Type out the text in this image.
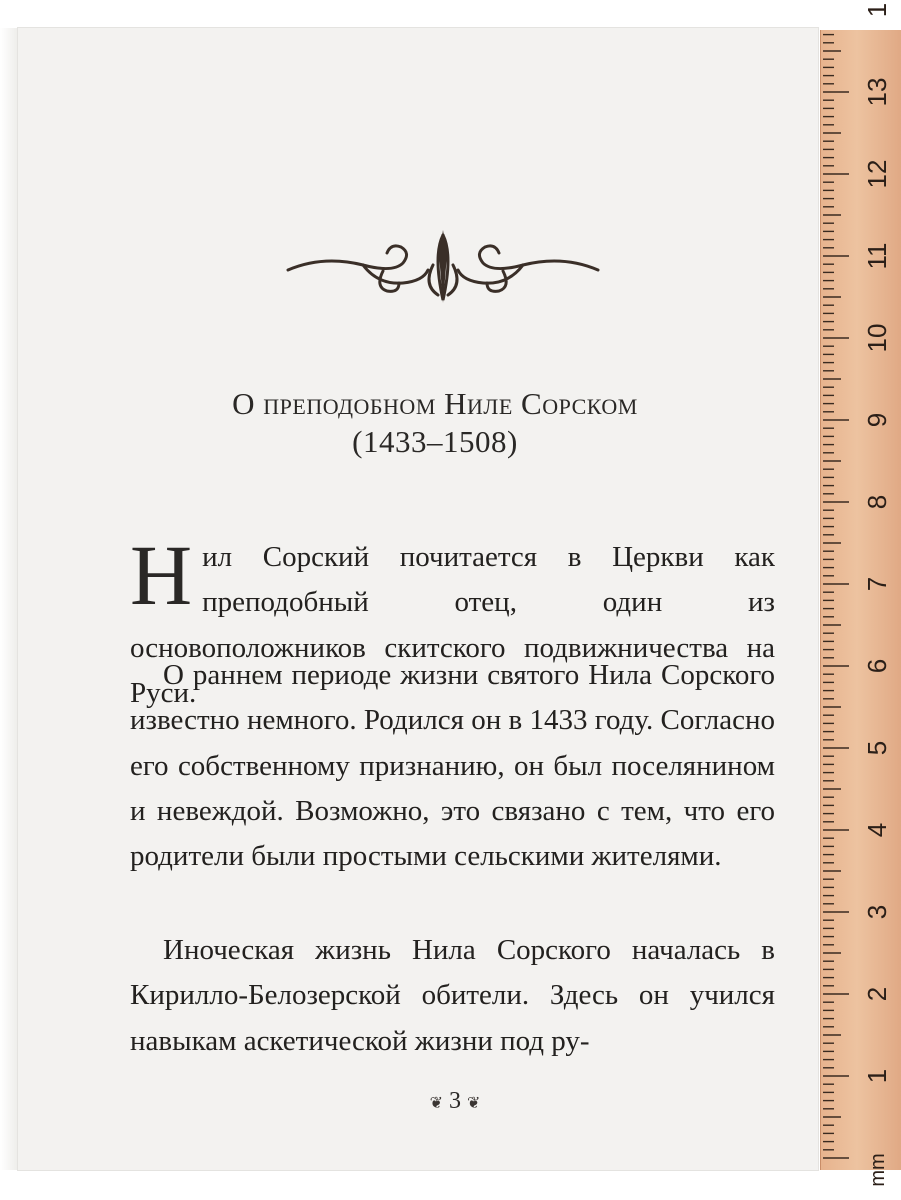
О преподобном Ниле Сорском
(1433–1508)
Нил Сорский почитается в Церкви как преподобный отец, один из основоположников скитского подвижничества на Руси.
О раннем периоде жизни святого Нила Сорского известно немного. Родился он в 1433 году. Согласно его собственному признанию, он был поселянином и невеждой. Возможно, это связано с тем, что его родители были простыми сельскими жителями.
Иноческая жизнь Нила Сорского началась в Кирилло-Белозерской обители. Здесь он учился навыкам аскетической жизни под ру-
❦ 3 ❦
1
2
3
4
5
6
7
8
9
10
11
12
13
1
mm
